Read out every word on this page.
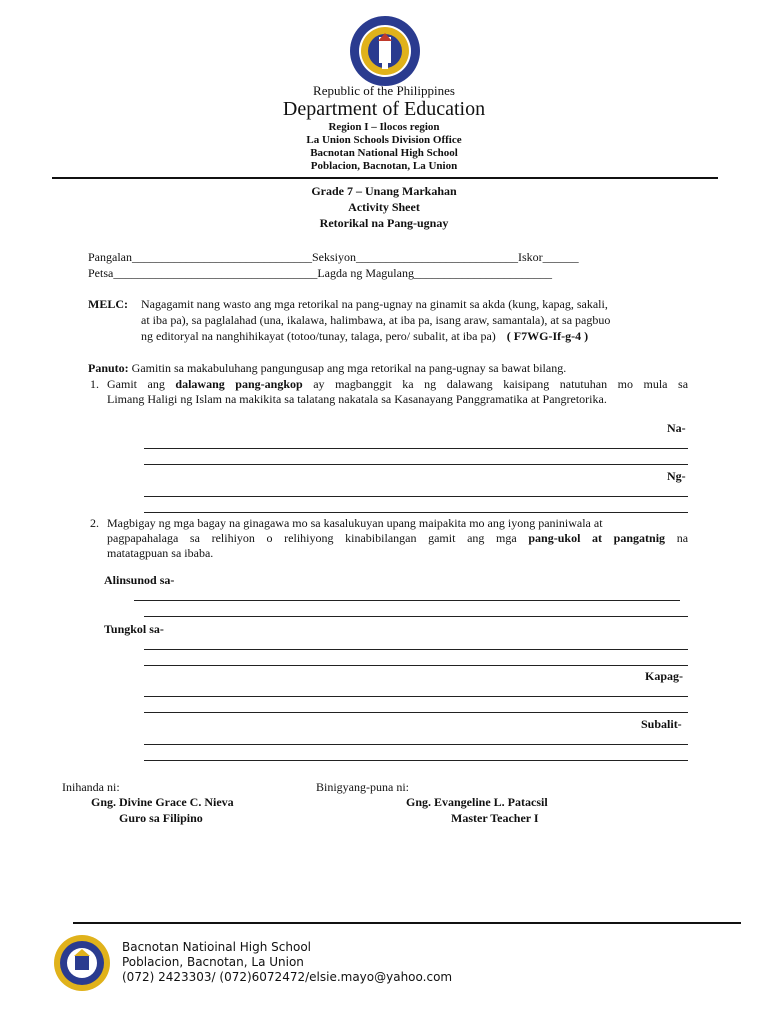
Republic of the Philippines
Department of Education
Region I – Ilocos region
La Union Schools Division Office
Bacnotan National High School
Poblacion, Bacnotan, La Union
Grade 7 – Unang Markahan
Activity Sheet
Retorikal na Pang-ugnay
Pangalan______________________________Seksiyon___________________________Iskor______
Petsa__________________________________Lagda ng Magulang_______________________
MELC: Nagagamit nang wasto ang mga retorikal na pang-ugnay na ginamit sa akda (kung, kapag, sakali,
at iba pa), sa paglalahad (una, ikalawa, halimbawa, at iba pa, isang araw, samantala), at sa pagbuo
ng editoryal na nanghihikayat (totoo/tunay, talaga, pero/ subalit, at iba pa) ( F7WG-If-g-4 )
Panuto: Gamitin sa makabuluhang pangungusap ang mga retorikal na pang-ugnay sa bawat bilang.
1. Gamit ang dalawang pang-angkop ay magbanggit ka ng dalawang kaisipang natutuhan mo mula sa
Limang Haligi ng Islam na makikita sa talatang nakatala sa Kasanayang Panggramatika at Pangretorika.
Na-
Ng-
2. Magbigay ng mga bagay na ginagawa mo sa kasalukuyan upang maipakita mo ang iyong paniniwala at
pagpapahalaga sa relihiyon o relihiyong kinabibilangan gamit ang mga pang-ukol at pangatnig na
matatagpuan sa ibaba.
Alinsunod sa-
Tungkol sa-
Kapag-
Subalit-
Inihanda ni:
Gng. Divine Grace C. Nieva
Guro sa Filipino
Binigyang-puna ni:
Gng. Evangeline L. Patacsil
Master Teacher I
Bacnotan Natioinal High School
Poblacion, Bacnotan, La Union
(072) 2423303/ (072)6072472/elsie.mayo@yahoo.com
